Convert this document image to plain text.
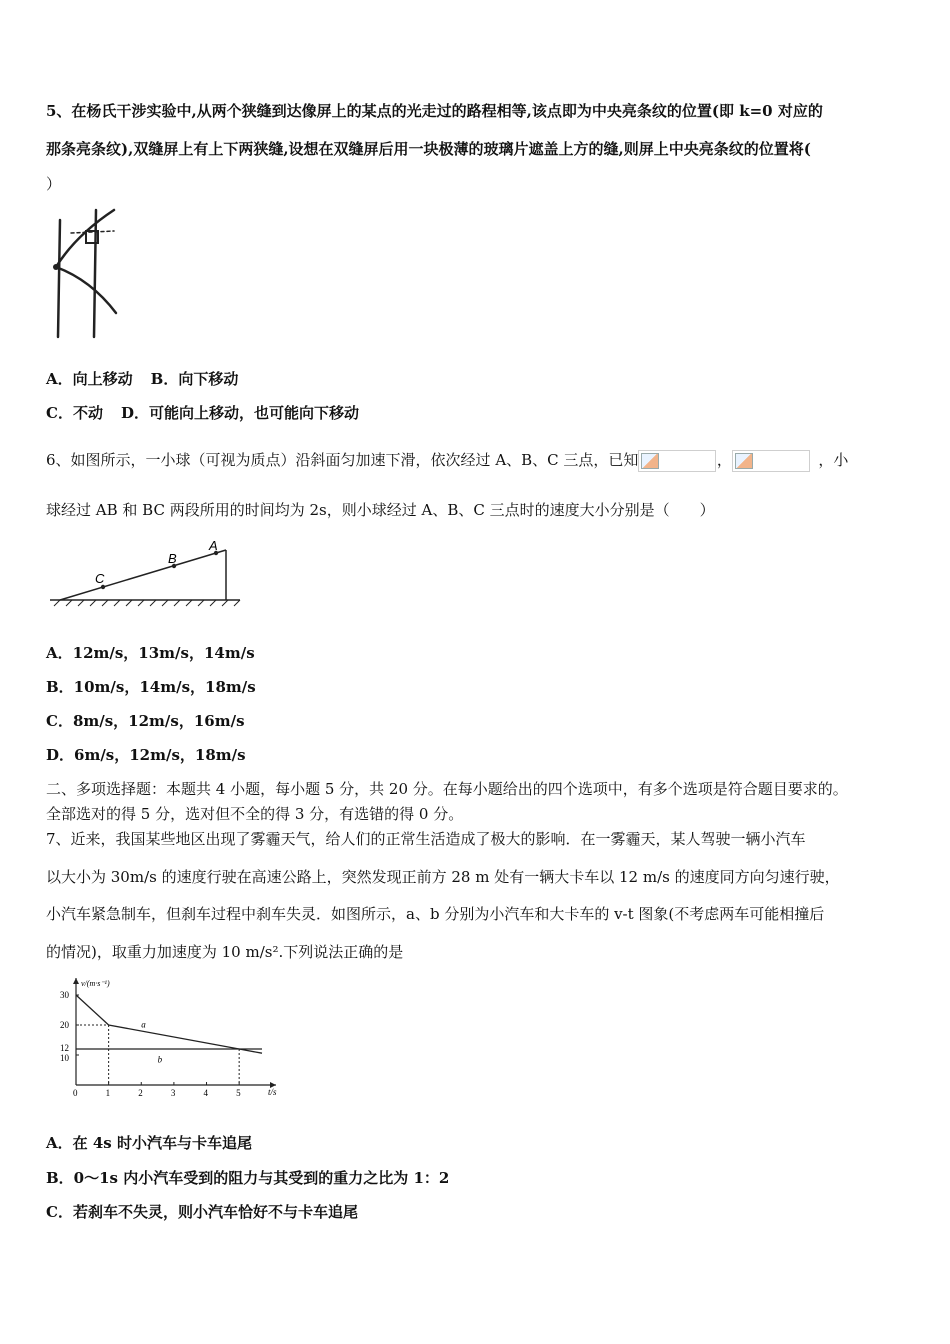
5、在杨氏干涉实验中,从两个狭缝到达像屏上的某点的光走过的路程相等,该点即为中央亮条纹的位置(即 k=0 对应的
那条亮条纹),双缝屏上有上下两狭缝,设想在双缝屏后用一块极薄的玻璃片遮盖上方的缝,则屏上中央亮条纹的位置将(
）
A．向上移动 B．向下移动
C．不动 D．可能向上移动，也可能向下移动
6、如图所示，一小球（可视为质点）沿斜面匀加速下滑，依次经过 A、B、C 三点，已知	，	，小
球经过 AB 和 BC 两段所用的时间均为 2s，则小球经过 A、B、C 三点时的速度大小分别是（　　）
C
B
A
A．12m/s，13m/s，14m/s
B．10m/s，14m/s，18m/s
C．8m/s，12m/s，16m/s
D．6m/s，12m/s，18m/s
二、多项选择题：本题共 4 小题，每小题 5 分，共 20 分。在每小题给出的四个选项中，有多个选项是符合题目要求的。
全部选对的得 5 分，选对但不全的得 3 分，有选错的得 0 分。
7、近来，我国某些地区出现了雾霾天气，给人们的正常生活造成了极大的影响．在一雾霾天，某人驾驶一辆小汽车
以大小为 30m/s 的速度行驶在高速公路上，突然发现正前方 28 m 处有一辆大卡车以 12 m/s 的速度同方向匀速行驶，
小汽车紧急制车，但刹车过程中刹车失灵．如图所示，a、b 分别为小汽车和大卡车的 v-t 图象(不考虑两车可能相撞后
的情况)，取重力加速度为 10 m/s².下列说法正确的是
v/(m·s⁻¹)
t/s
0	1	2	3	4	5
10
12
20
30
a
b
A．在 4s 时小汽车与卡车追尾
B．0～1s 内小汽车受到的阻力与其受到的重力之比为 1：2
C．若刹车不失灵，则小汽车恰好不与卡车追尾
